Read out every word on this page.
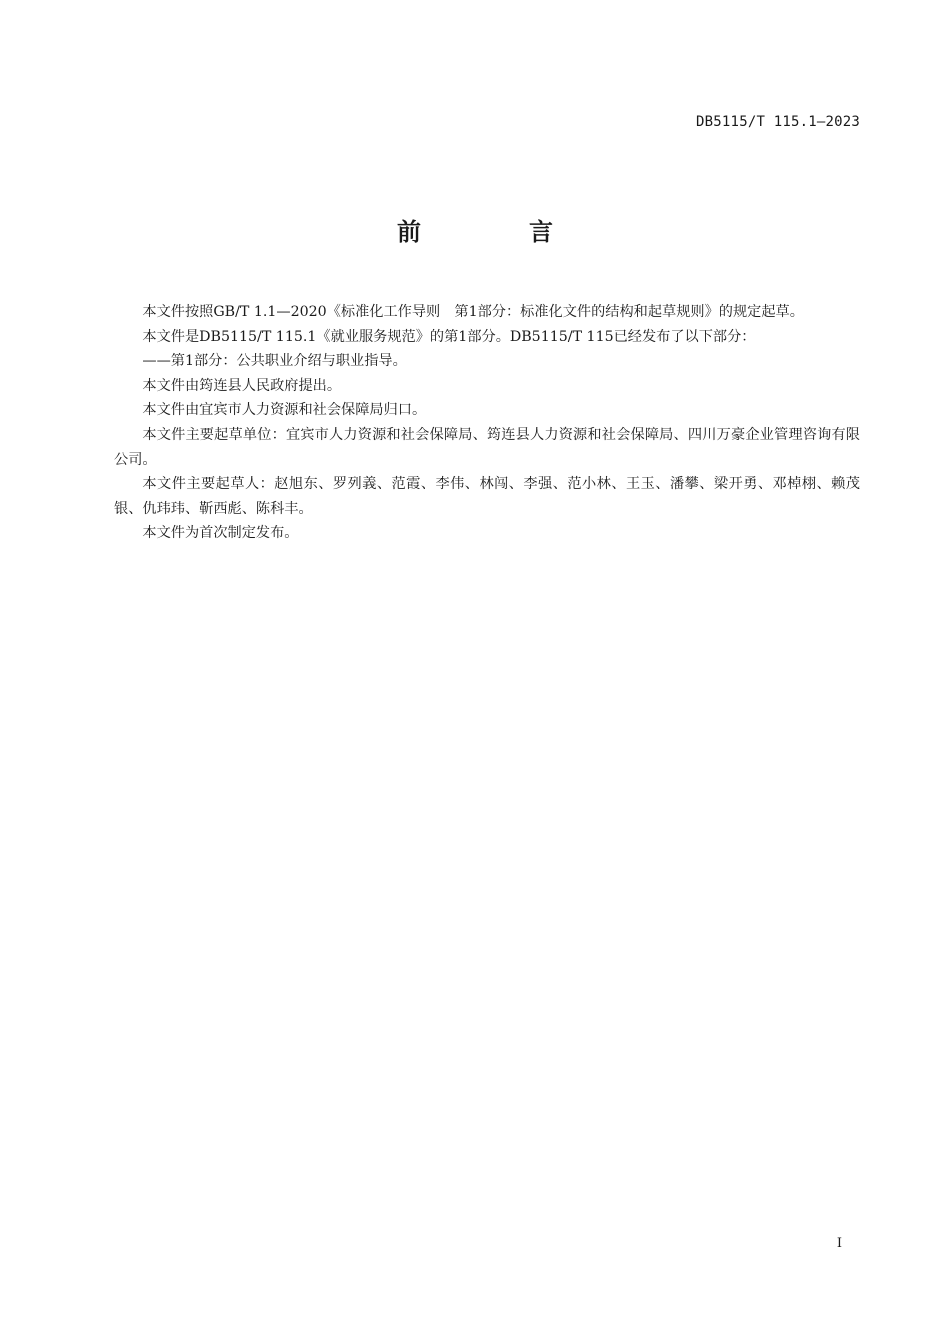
DB5115/T 115.1—2023
前　言

本文件按照GB/T 1.1—2020《标准化工作导则　第1部分：标准化文件的结构和起草规则》的规定起草。

本文件是DB5115/T 115.1《就业服务规范》的第1部分。DB5115/T 115已经发布了以下部分：

——第1部分：公共职业介绍与职业指导。

本文件由筠连县人民政府提出。

本文件由宜宾市人力资源和社会保障局归口。

本文件主要起草单位：宜宾市人力资源和社会保障局、筠连县人力资源和社会保障局、四川万豪企业管理咨询有限公司。

本文件主要起草人：赵旭东、罗列義、范霞、李伟、林闯、李强、范小林、王玉、潘攀、梁开勇、邓棹栩、赖茂银、仇玮玮、靳西彪、陈科丰。

本文件为首次制定发布。

I
